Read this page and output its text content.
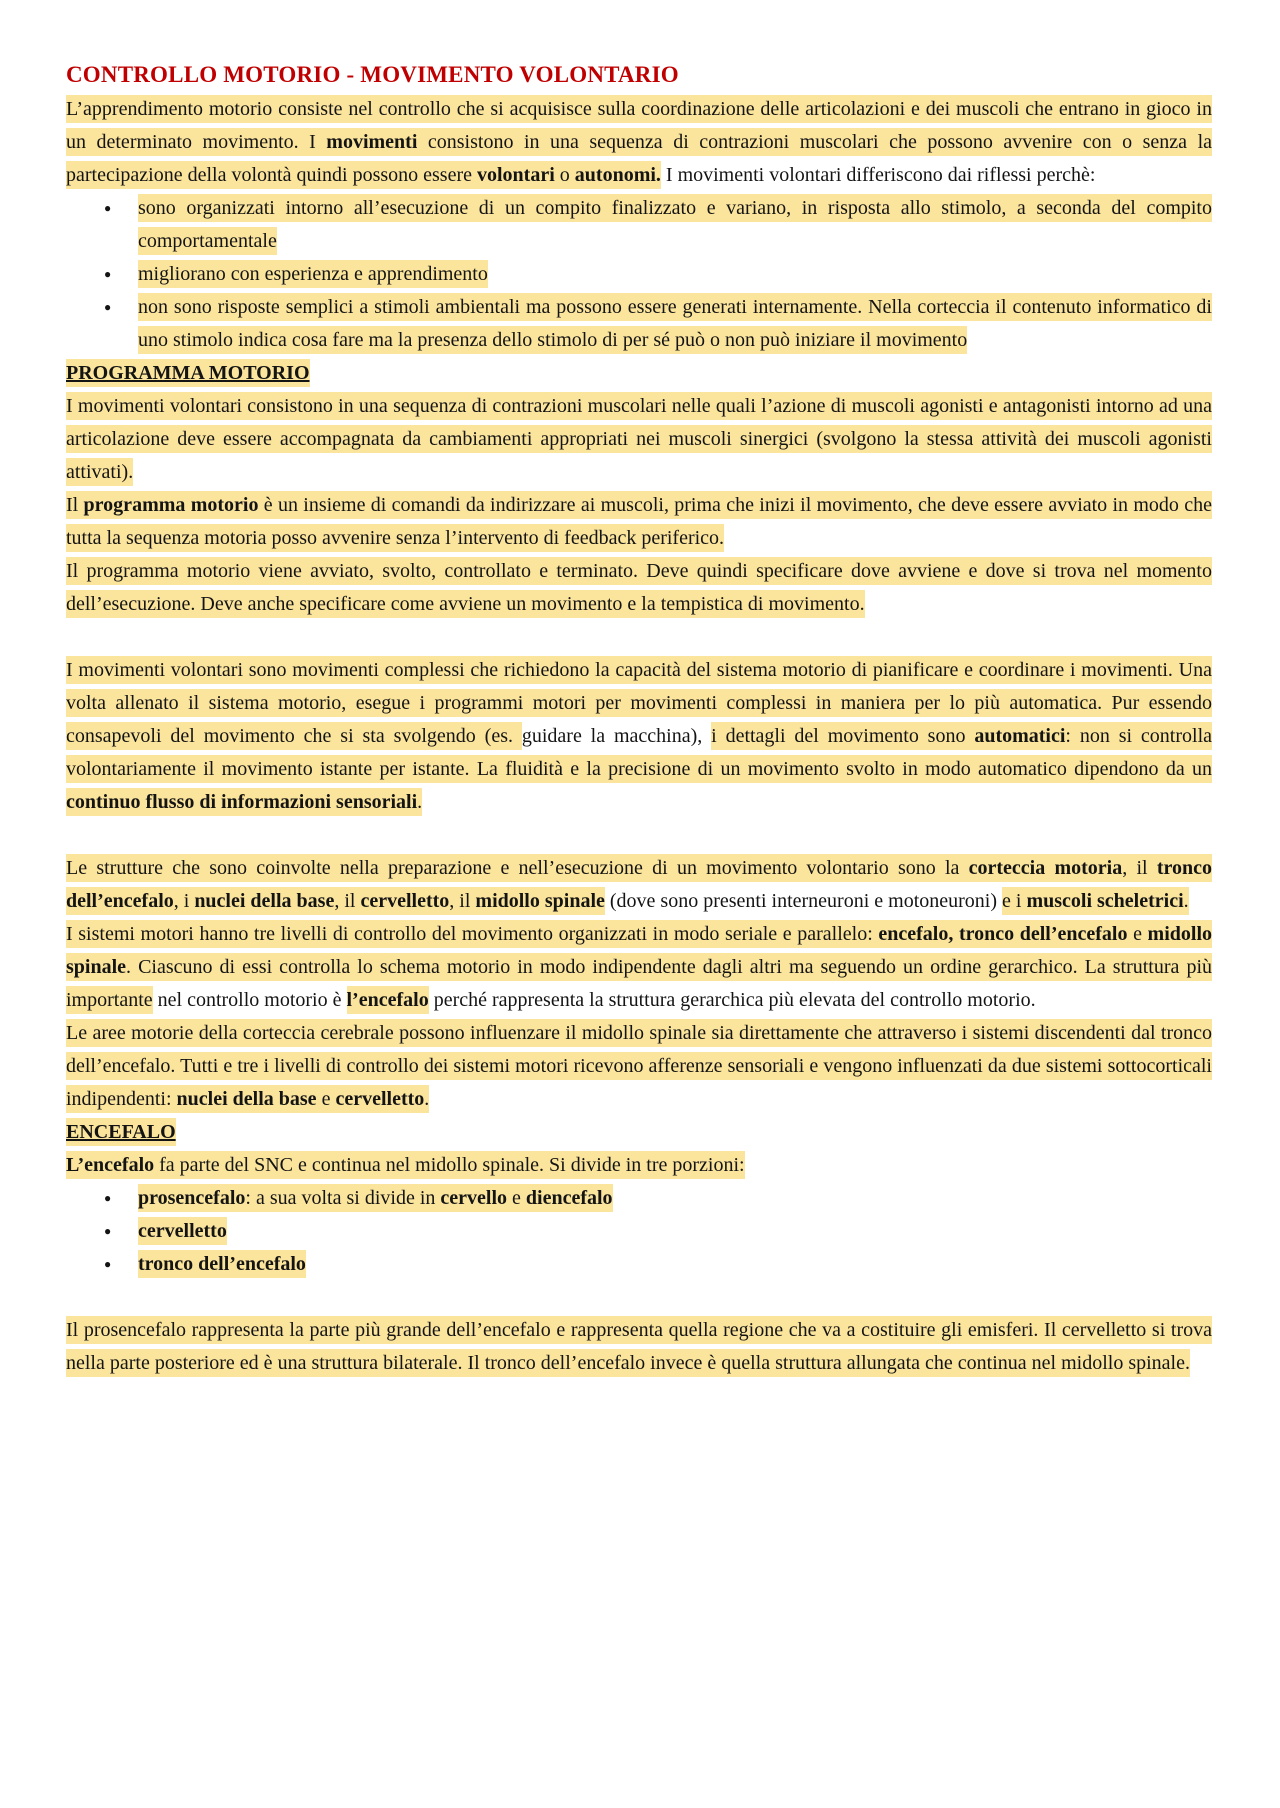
CONTROLLO MOTORIO - MOVIMENTO VOLONTARIO

L’apprendimento motorio consiste nel controllo che si acquisisce sulla coordinazione delle articolazioni e dei muscoli che entrano in gioco in un determinato movimento. I movimenti consistono in una sequenza di contrazioni muscolari che possono avvenire con o senza la partecipazione della volontà quindi possono essere volontari o autonomi. I movimenti volontari differiscono dai riflessi perchè:

● sono organizzati intorno all’esecuzione di un compito finalizzato e variano, in risposta allo stimolo, a seconda del compito comportamentale
● migliorano con esperienza e apprendimento
● non sono risposte semplici a stimoli ambientali ma possono essere generati internamente. Nella corteccia il contenuto informatico di uno stimolo indica cosa fare ma la presenza dello stimolo di per sé può o non può iniziare il movimento
PROGRAMMA MOTORIO

I movimenti volontari consistono in una sequenza di contrazioni muscolari nelle quali l’azione di muscoli agonisti e antagonisti intorno ad una articolazione deve essere accompagnata da cambiamenti appropriati nei muscoli sinergici (svolgono la stessa attività dei muscoli agonisti attivati).

Il programma motorio è un insieme di comandi da indirizzare ai muscoli, prima che inizi il movimento, che deve essere avviato in modo che tutta la sequenza motoria posso avvenire senza l’intervento di feedback periferico.

Il programma motorio viene avviato, svolto, controllato e terminato. Deve quindi specificare dove avviene e dove si trova nel momento dell’esecuzione. Deve anche specificare come avviene un movimento e la tempistica di movimento.

I movimenti volontari sono movimenti complessi che richiedono la capacità del sistema motorio di pianificare e coordinare i movimenti. Una volta allenato il sistema motorio, esegue i programmi motori per movimenti complessi in maniera per lo più automatica. Pur essendo consapevoli del movimento che si sta svolgendo (es. guidare la macchina), i dettagli del movimento sono automatici: non si controlla volontariamente il movimento istante per istante. La fluidità e la precisione di un movimento svolto in modo automatico dipendono da un continuo flusso di informazioni sensoriali.

Le strutture che sono coinvolte nella preparazione e nell’esecuzione di un movimento volontario sono la corteccia motoria, il tronco dell’encefalo, i nuclei della base, il cervelletto, il midollo spinale (dove sono presenti interneuroni e motoneuroni) e i muscoli scheletrici.

I sistemi motori hanno tre livelli di controllo del movimento organizzati in modo seriale e parallelo: encefalo, tronco dell’encefalo e midollo spinale. Ciascuno di essi controlla lo schema motorio in modo indipendente dagli altri ma seguendo un ordine gerarchico. La struttura più importante nel controllo motorio è l’encefalo perché rappresenta la struttura gerarchica più elevata del controllo motorio.

Le aree motorie della corteccia cerebrale possono influenzare il midollo spinale sia direttamente che attraverso i sistemi discendenti dal tronco dell’encefalo. Tutti e tre i livelli di controllo dei sistemi motori ricevono afferenze sensoriali e vengono influenzati da due sistemi sottocorticali indipendenti: nuclei della base e cervelletto.

ENCEFALO

L’encefalo fa parte del SNC e continua nel midollo spinale. Si divide in tre porzioni:

● prosencefalo: a sua volta si divide in cervello e diencefalo
● cervelletto
● tronco dell’encefalo

Il prosencefalo rappresenta la parte più grande dell’encefalo e rappresenta quella regione che va a costituire gli emisferi. Il cervelletto si trova nella parte posteriore ed è una struttura bilaterale. Il tronco dell’encefalo invece è quella struttura allungata che continua nel midollo spinale.
